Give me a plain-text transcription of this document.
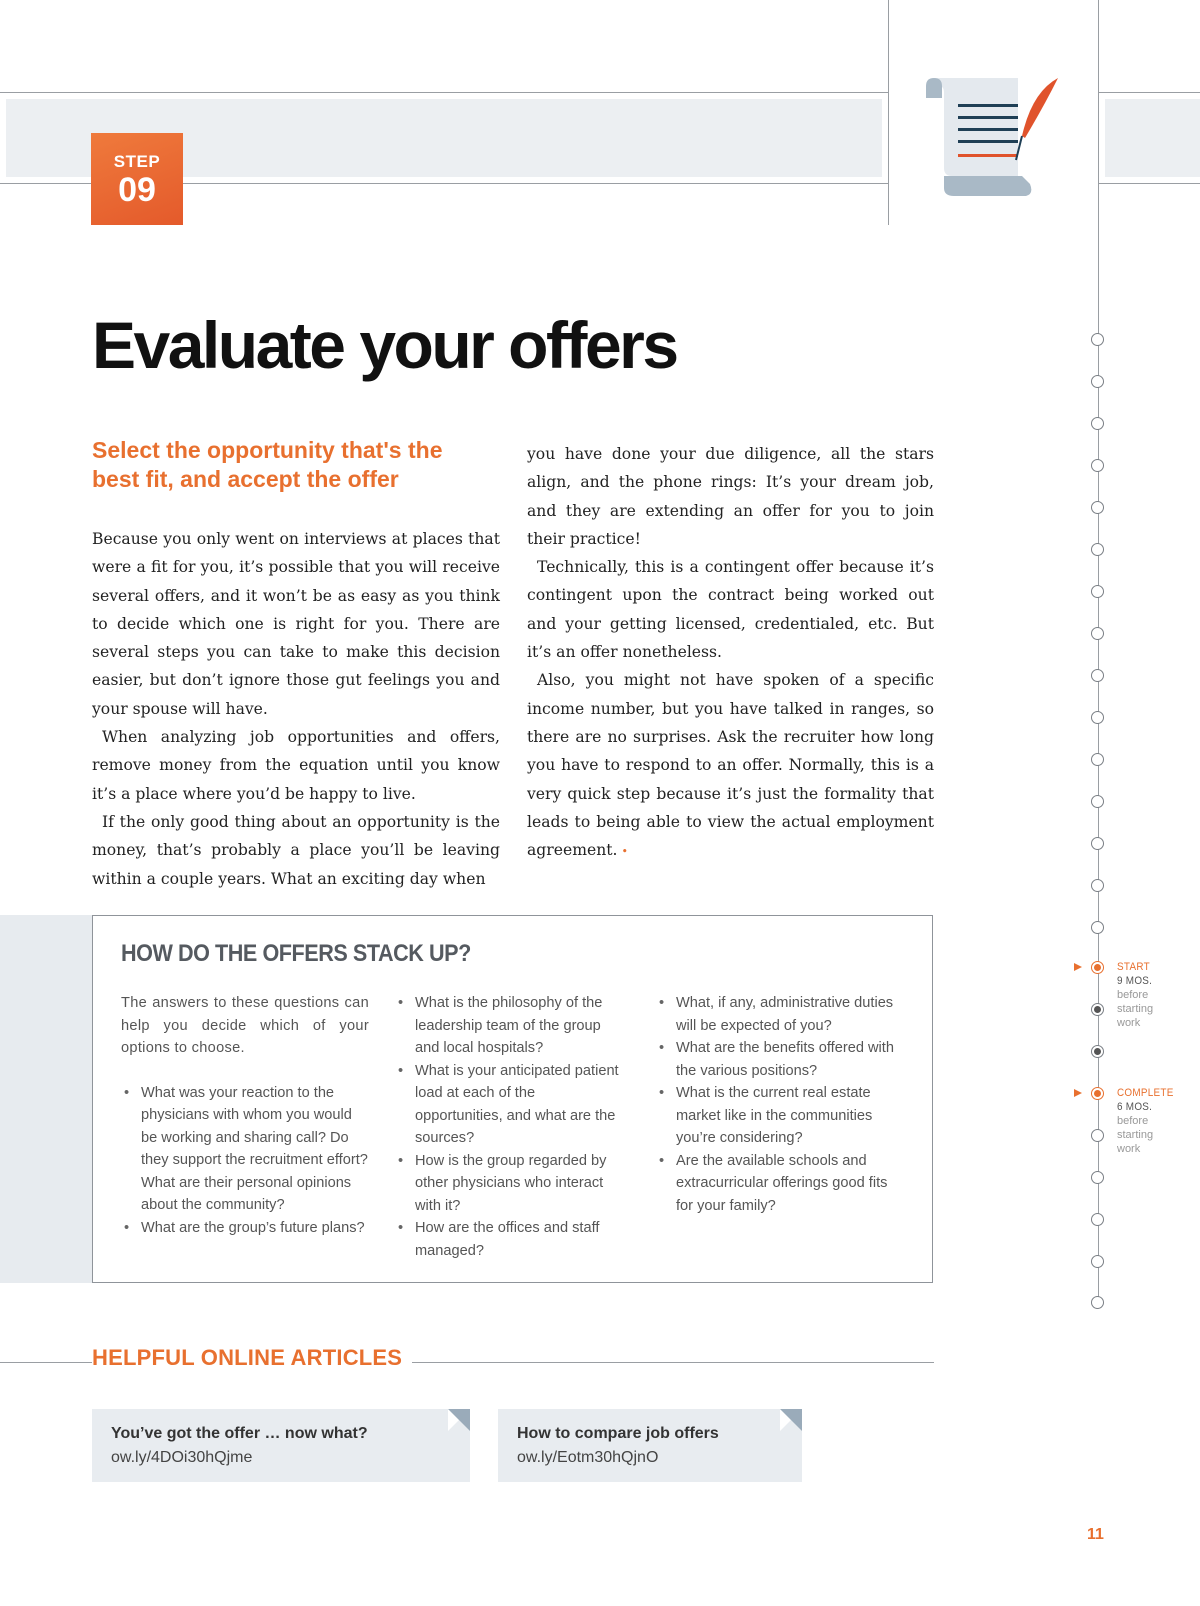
STEP
09
Evaluate your offers
Select the opportunity that's the best fit, and accept the offer

Because you only went on interviews at places that were a fit for you, it’s possible that you will receive several offers, and it won’t be as easy as you think to decide which one is right for you. There are several steps you can take to make this decision easier, but don’t ignore those gut feelings you and your spouse will have.

When analyzing job opportunities and offers, remove money from the equation until you know it’s a place where you’d be happy to live.

If the only good thing about an opportunity is the money, that’s probably a place you’ll be leaving within a couple years. What an exciting day when

you have done your due diligence, all the stars align, and the phone rings: It’s your dream job, and they are extending an offer for you to join their practice!

Technically, this is a contingent offer because it’s contingent upon the contract being worked out and your getting licensed, credentialed, etc. But it’s an offer nonetheless.

Also, you might not have spoken of a specific income number, but you have talked in ranges, so there are no surprises. Ask the recruiter how long you have to respond to an offer. Normally, this is a very quick step because it’s just the formality that leads to being able to view the actual employment agreement. •

HOW DO THE OFFERS STACK UP?

The answers to these questions can help you decide which of your options to choose.

• What was your reaction to the physicians with whom you would be working and sharing call? Do they support the recruitment effort? What are their personal opinions about the community?
• What are the group’s future plans?
• What is the philosophy of the leadership team of the group and local hospitals?
• What is your anticipated patient load at each of the opportunities, and what are the sources?
• How is the group regarded by other physicians who interact with it?
• How are the offices and staff managed?
• What, if any, administrative duties will be expected of you?
• What are the benefits offered with the various positions?
• What is the current real estate market like in the communities you’re considering?
• Are the available schools and extracurricular offerings good fits for your family?
HELPFUL ONLINE ARTICLES
You’ve got the offer … now what?
ow.ly/4DOi30hQjme
How to compare job offers
ow.ly/Eotm30hQjnO
START
9 MOS.
before
starting
work
COMPLETE
6 MOS.
before
starting
work
11
